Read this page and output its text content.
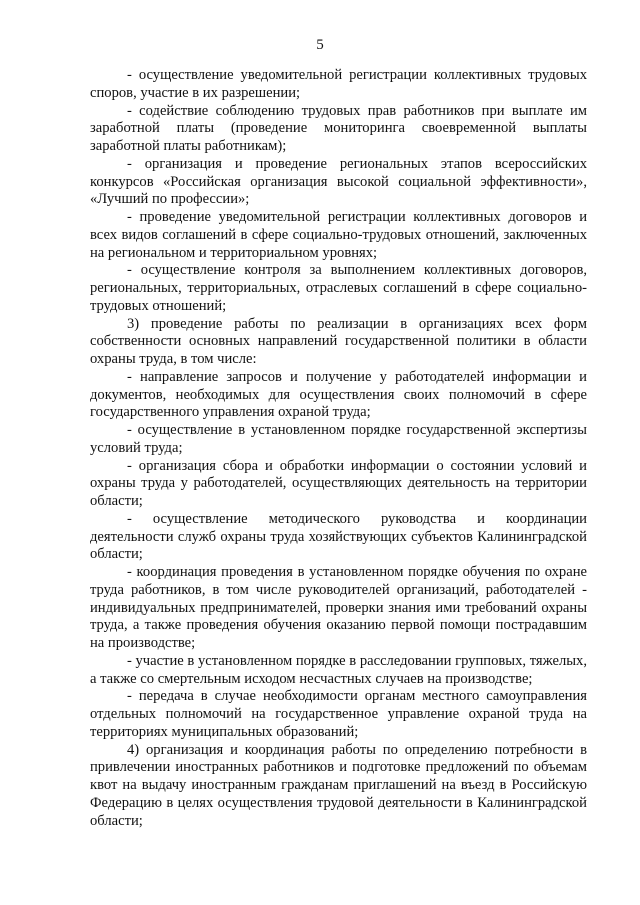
5

- осуществление уведомительной регистрации коллективных трудовых споров, участие в их разрешении;

- содействие соблюдению трудовых прав работников при выплате им заработной платы (проведение мониторинга своевременной выплаты заработной платы работникам);

- организация и проведение региональных этапов всероссийских конкурсов «Российская организация высокой социальной эффективности», «Лучший по профессии»;

- проведение уведомительной регистрации коллективных договоров и всех видов соглашений в сфере социально-трудовых отношений, заключенных на региональном и территориальном уровнях;

- осуществление контроля за выполнением коллективных договоров, региональных, территориальных, отраслевых соглашений в сфере социально-трудовых отношений;

3) проведение работы по реализации в организациях всех форм собственности основных направлений государственной политики в области охраны труда, в том числе:

- направление запросов и получение у работодателей информации и документов, необходимых для осуществления своих полномочий в сфере государственного управления охраной труда;

- осуществление в установленном порядке государственной экспертизы условий труда;

- организация сбора и обработки информации о состоянии условий и охраны труда у работодателей, осуществляющих деятельность на территории области;

- осуществление методического руководства и координации деятельности служб охраны труда хозяйствующих субъектов Калининградской области;

- координация проведения в установленном порядке обучения по охране труда работников, в том числе руководителей организаций, работодателей - индивидуальных предпринимателей, проверки знания ими требований охраны труда, а также проведения обучения оказанию первой помощи пострадавшим на производстве;

- участие в установленном порядке в расследовании групповых, тяжелых, а также со смертельным исходом несчастных случаев на производстве;

- передача в случае необходимости органам местного самоуправления отдельных полномочий на государственное управление охраной труда на территориях муниципальных образований;

4) организация и координация работы по определению потребности в привлечении иностранных работников и подготовке предложений по объемам квот на выдачу иностранным гражданам приглашений на въезд в Российскую Федерацию в целях осуществления трудовой деятельности в Калининградской области;
